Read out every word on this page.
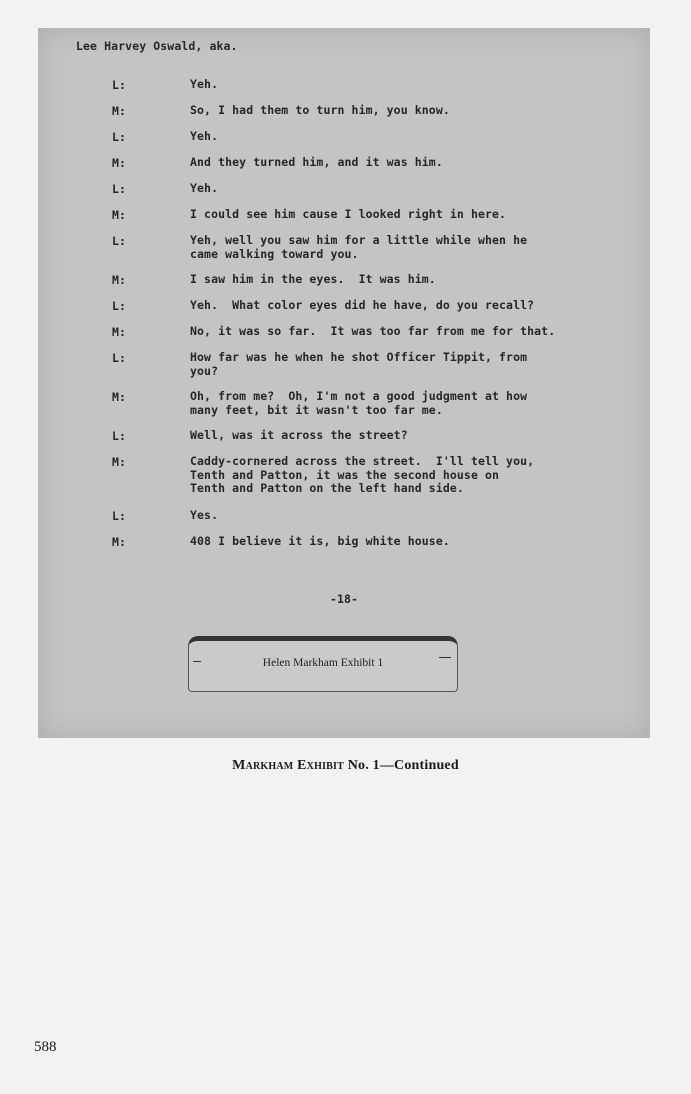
Lee Harvey Oswald, aka.

L:	Yeh.
M:	So, I had them to turn him, you know.
L:	Yeh.
M:	And they turned him, and it was him.
L:	Yeh.
M:	I could see him cause I looked right in here.
L:	Yeh, well you saw him for a little while when he
came walking toward you.
M:	I saw him in the eyes.  It was him.
L:	Yeh.  What color eyes did he have, do you recall?
M:	No, it was so far.  It was too far from me for that.
L:	How far was he when he shot Officer Tippit, from
you?
M:	Oh, from me?  Oh, I'm not a good judgment at how
many feet, bit it wasn't too far me.
L:	Well, was it across the street?
M:	Caddy-cornered across the street.  I'll tell you,
Tenth and Patton, it was the second house on
Tenth and Patton on the left hand side.
L:	Yes.
M:	408 I believe it is, big white house.
-18-
Helen Markham Exhibit 1
Markham Exhibit No. 1—Continued
588
